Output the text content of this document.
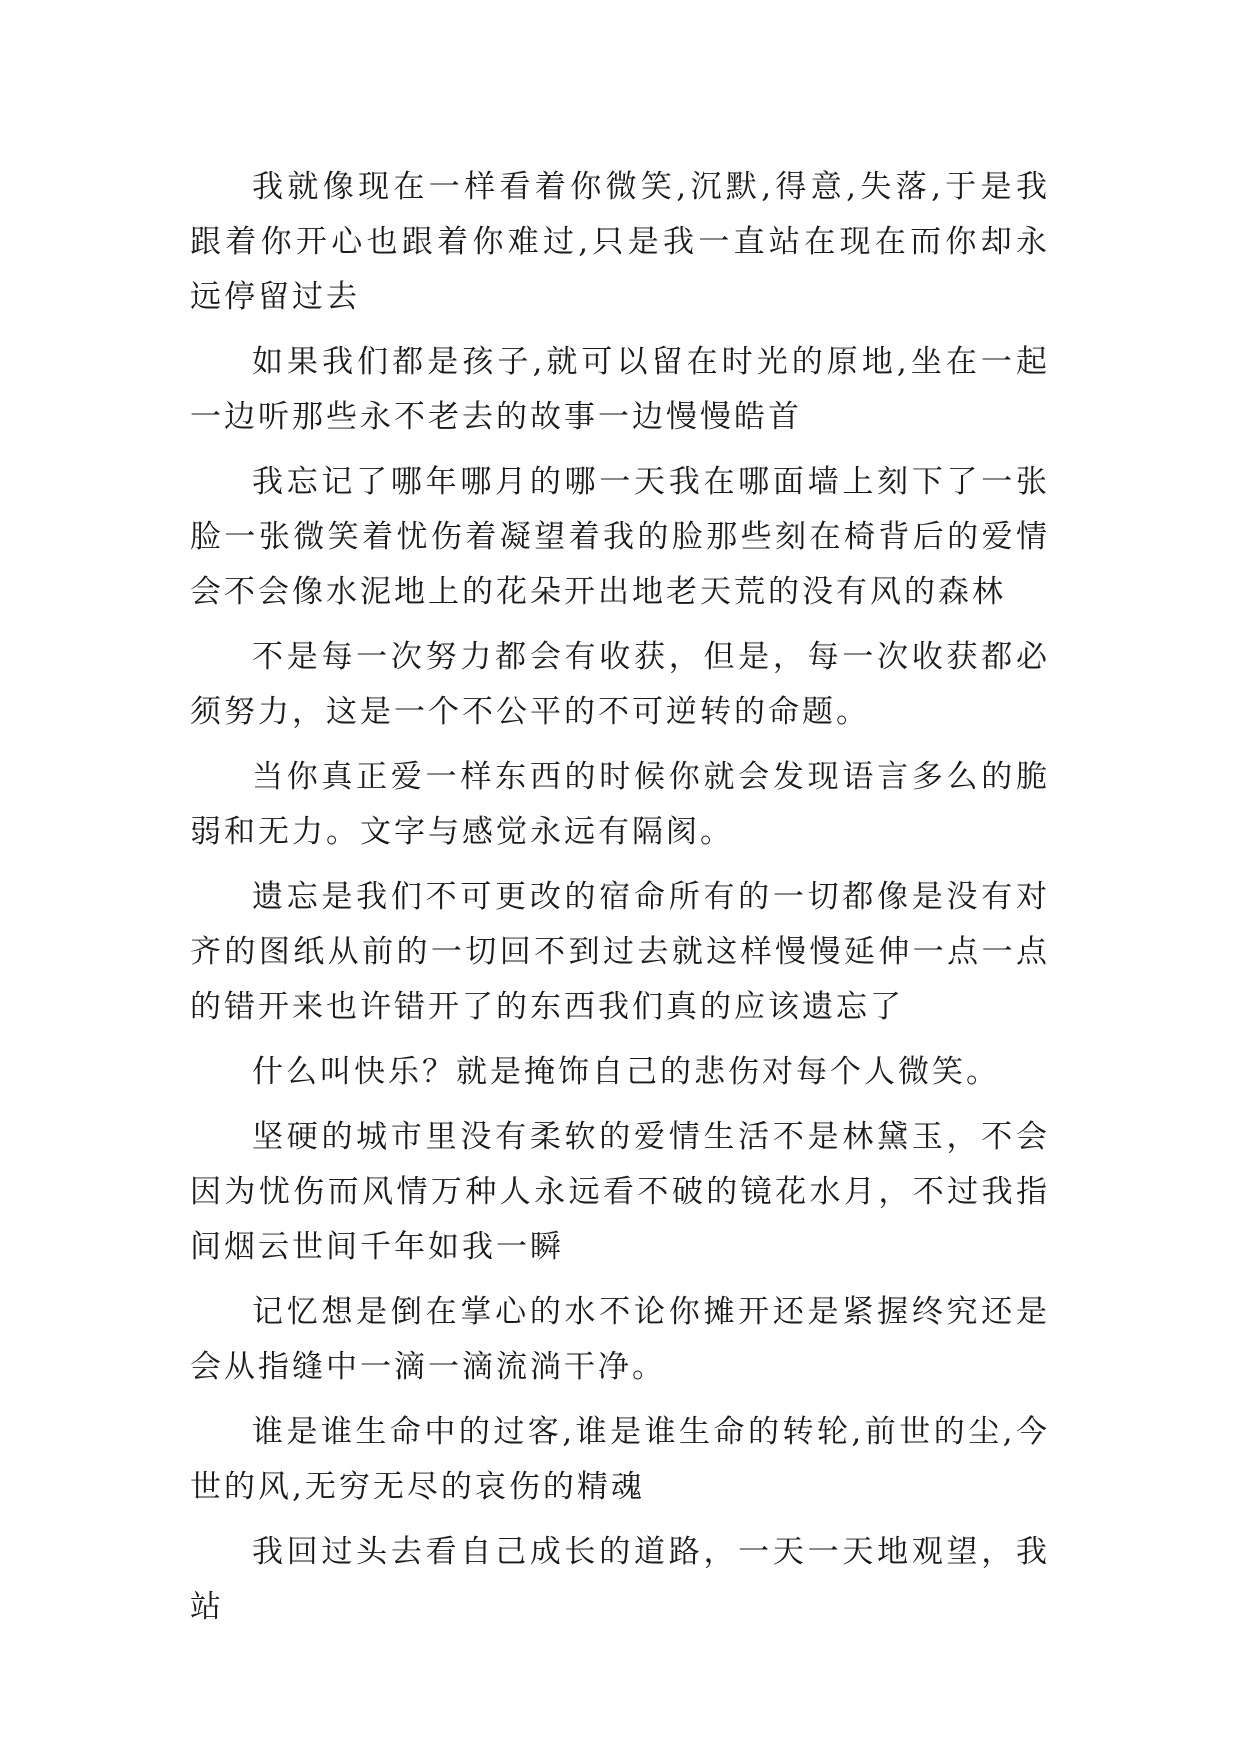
我就像现在一样看着你微笑,沉默,得意,失落,于是我跟着你开心也跟着你难过,只是我一直站在现在而你却永远停留过去

如果我们都是孩子,就可以留在时光的原地,坐在一起一边听那些永不老去的故事一边慢慢皓首

我忘记了哪年哪月的哪一天我在哪面墙上刻下了一张脸一张微笑着忧伤着凝望着我的脸那些刻在椅背后的爱情会不会像水泥地上的花朵开出地老天荒的没有风的森林

不是每一次努力都会有收获，但是，每一次收获都必须努力，这是一个不公平的不可逆转的命题。

当你真正爱一样东西的时候你就会发现语言多么的脆弱和无力。文字与感觉永远有隔阂。

遗忘是我们不可更改的宿命所有的一切都像是没有对齐的图纸从前的一切回不到过去就这样慢慢延伸一点一点的错开来也许错开了的东西我们真的应该遗忘了

什么叫快乐？就是掩饰自己的悲伤对每个人微笑。

坚硬的城市里没有柔软的爱情生活不是林黛玉，不会因为忧伤而风情万种人永远看不破的镜花水月，不过我指间烟云世间千年如我一瞬

记忆想是倒在掌心的水不论你摊开还是紧握终究还是会从指缝中一滴一滴流淌干净。

谁是谁生命中的过客,谁是谁生命的转轮,前世的尘,今世的风,无穷无尽的哀伤的精魂

我回过头去看自己成长的道路，一天一天地观望，我站
